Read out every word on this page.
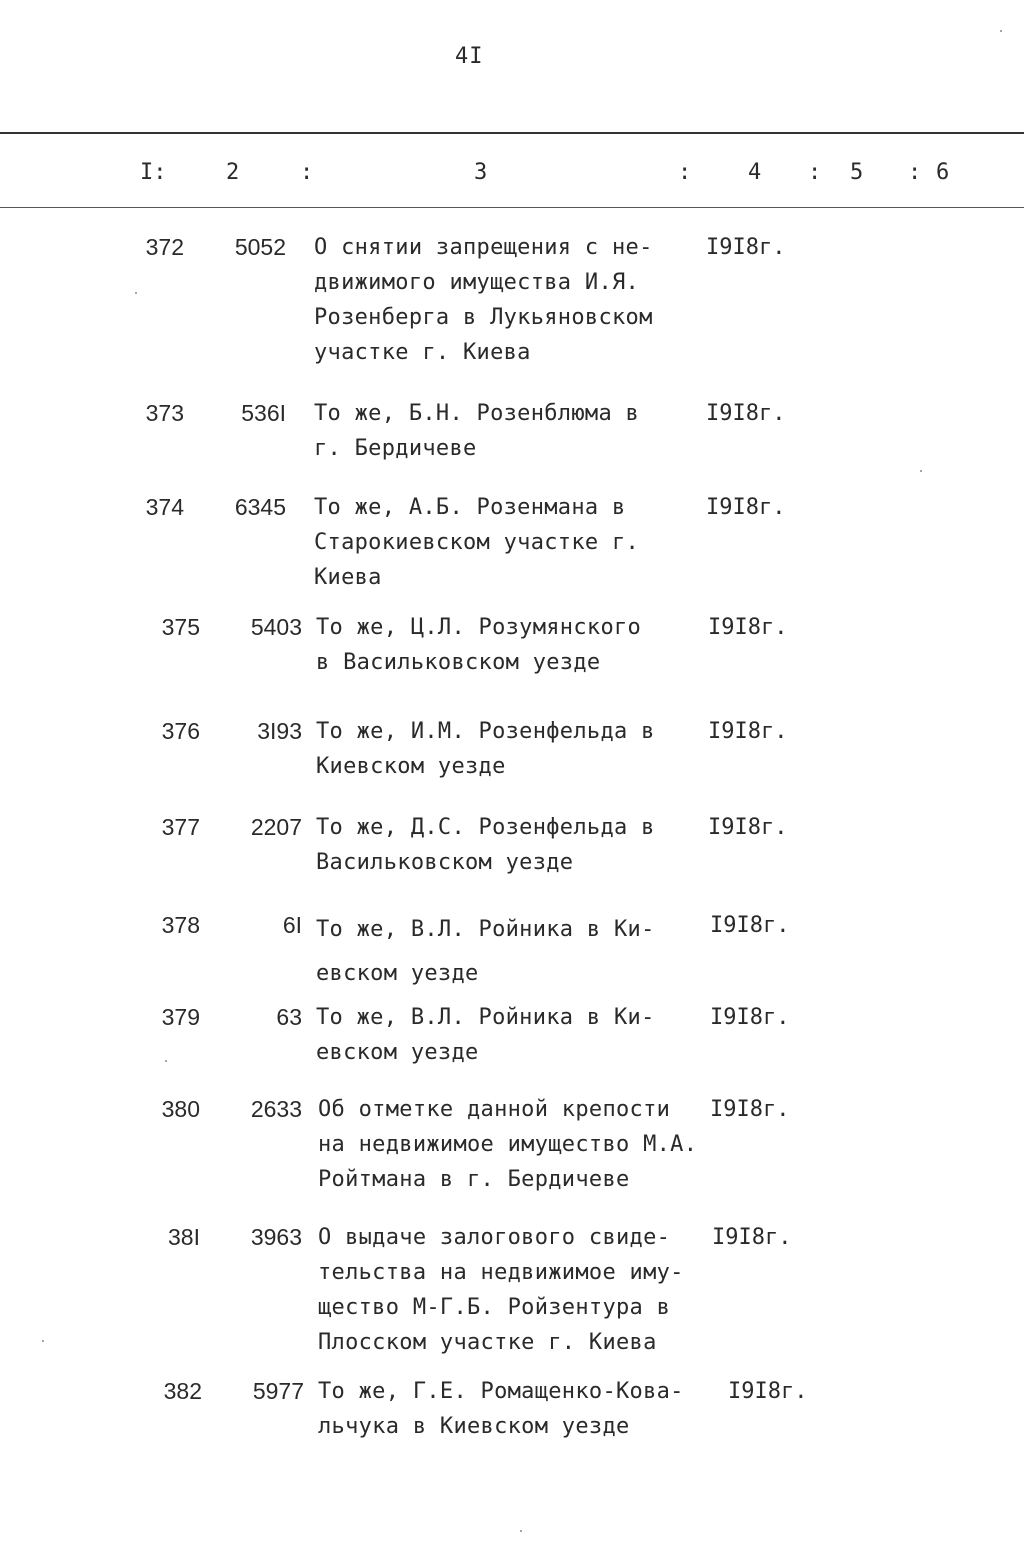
4I
I:	2	:	3	:	4 : 5 : 6
372	5052 О снятии запрещения с не-
движимого имущества И.Я.
Розенберга в Лукьяновском
участке г. Киева
I9I8г.
373	536I То же, Б.Н. Розенблюма в
г. Бердичеве
I9I8г.
374	6345 То же, А.Б. Розенмана в
Старокиевском участке г.
Киева
I9I8г.
375	5403 То же, Ц.Л. Розумянского
в Васильковском уезде
I9I8г.
376	3I93 То же, И.М. Розенфельда в
Киевском уезде
I9I8г.
377	2207 То же, Д.С. Розенфельда в
Васильковском уезде
I9I8г.
378	6I То же, В.Л. Ройника в Ки-
евском уезде
I9I8г.
379	63 То же, В.Л. Ройника в Ки-
евском уезде
I9I8г.
380	2633 Об отметке данной крепости
на недвижимое имущество М.А.
Ройтмана в г. Бердичеве
I9I8г.
38I	3963 О выдаче залогового свиде-
тельства на недвижимое иму-
щество М-Г.Б. Ройзентура в
Плосском участке г. Киева
I9I8г.
382	5977 То же, Г.Е. Ромащенко-Кова-
льчука в Киевском уезде
I9I8г.
